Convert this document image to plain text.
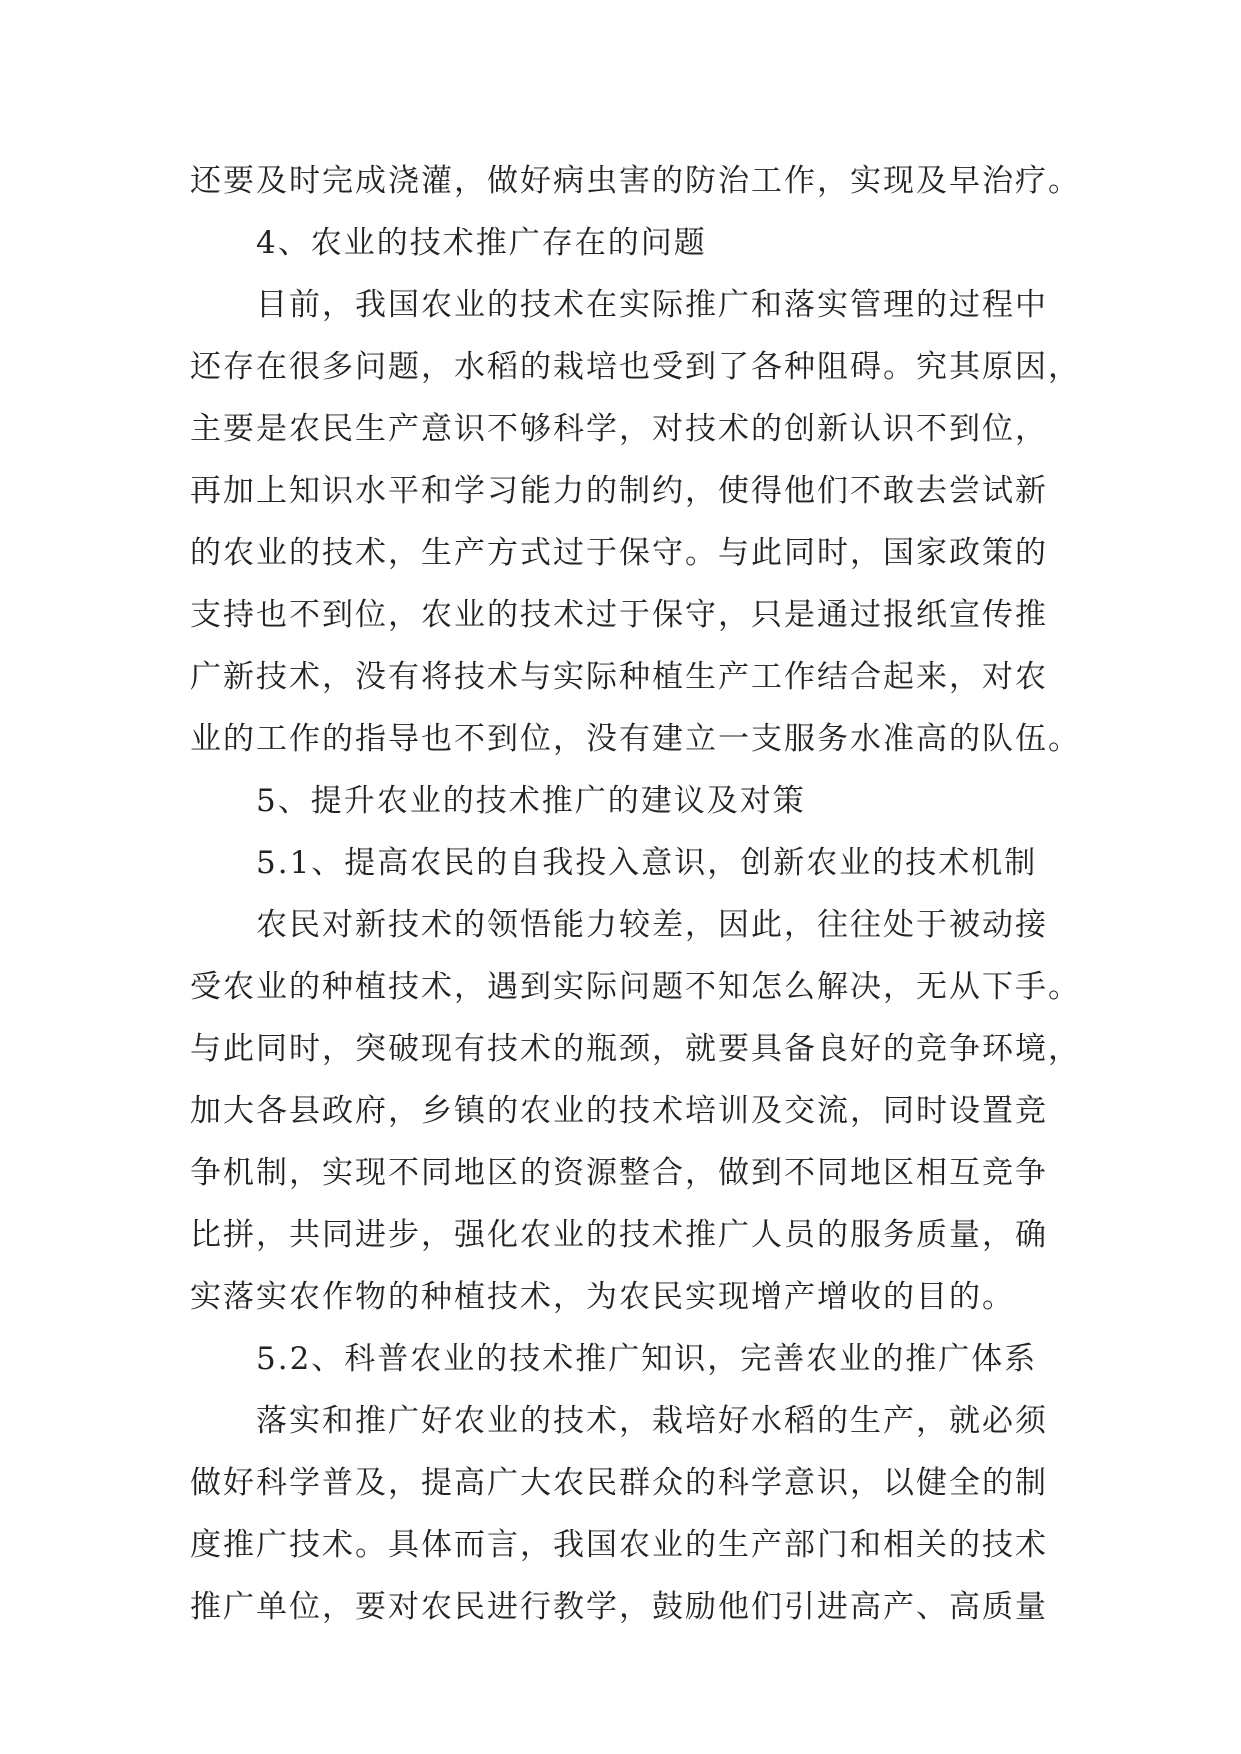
还要及时完成浇灌，做好病虫害的防治工作，实现及早治疗。
4、农业的技术推广存在的问题
目前，我国农业的技术在实际推广和落实管理的过程中
还存在很多问题，水稻的栽培也受到了各种阻碍。究其原因，
主要是农民生产意识不够科学，对技术的创新认识不到位，
再加上知识水平和学习能力的制约，使得他们不敢去尝试新
的农业的技术，生产方式过于保守。与此同时，国家政策的
支持也不到位，农业的技术过于保守，只是通过报纸宣传推
广新技术，没有将技术与实际种植生产工作结合起来，对农
业的工作的指导也不到位，没有建立一支服务水准高的队伍。
5、提升农业的技术推广的建议及对策
5.1、提高农民的自我投入意识，创新农业的技术机制
农民对新技术的领悟能力较差，因此，往往处于被动接
受农业的种植技术，遇到实际问题不知怎么解决，无从下手。
与此同时，突破现有技术的瓶颈，就要具备良好的竞争环境，
加大各县政府，乡镇的农业的技术培训及交流，同时设置竞
争机制，实现不同地区的资源整合，做到不同地区相互竞争
比拼，共同进步，强化农业的技术推广人员的服务质量，确
实落实农作物的种植技术，为农民实现增产增收的目的。
5.2、科普农业的技术推广知识，完善农业的推广体系
落实和推广好农业的技术，栽培好水稻的生产，就必须
做好科学普及，提高广大农民群众的科学意识，以健全的制
度推广技术。具体而言，我国农业的生产部门和相关的技术
推广单位，要对农民进行教学，鼓励他们引进高产、高质量
